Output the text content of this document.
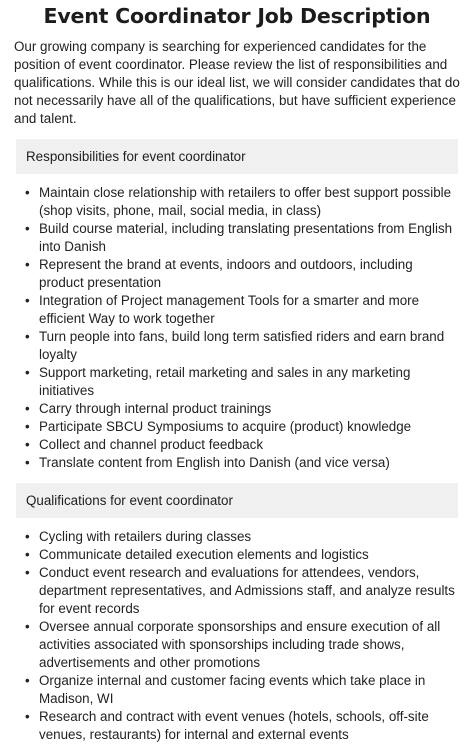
Event Coordinator Job Description

Our growing company is searching for experienced candidates for the position of event coordinator. Please review the list of responsibilities and qualifications. While this is our ideal list, we will consider candidates that do not necessarily have all of the qualifications, but have sufficient experience and talent.

Responsibilities for event coordinator
• Maintain close relationship with retailers to offer best support possible (shop visits, phone, mail, social media, in class)
• Build course material, including translating presentations from English into Danish
• Represent the brand at events, indoors and outdoors, including product presentation
• Integration of Project management Tools for a smarter and more efficient Way to work together
• Turn people into fans, build long term satisfied riders and earn brand loyalty
• Support marketing, retail marketing and sales in any marketing initiatives
• Carry through internal product trainings
• Participate SBCU Symposiums to acquire (product) knowledge
• Collect and channel product feedback
• Translate content from English into Danish (and vice versa)
Qualifications for event coordinator
• Cycling with retailers during classes
• Communicate detailed execution elements and logistics
• Conduct event research and evaluations for attendees, vendors, department representatives, and Admissions staff, and analyze results for event records
• Oversee annual corporate sponsorships and ensure execution of all activities associated with sponsorships including trade shows, advertisements and other promotions
• Organize internal and customer facing events which take place in Madison, WI
• Research and contract with event venues (hotels, schools, off-site venues, restaurants) for internal and external events
